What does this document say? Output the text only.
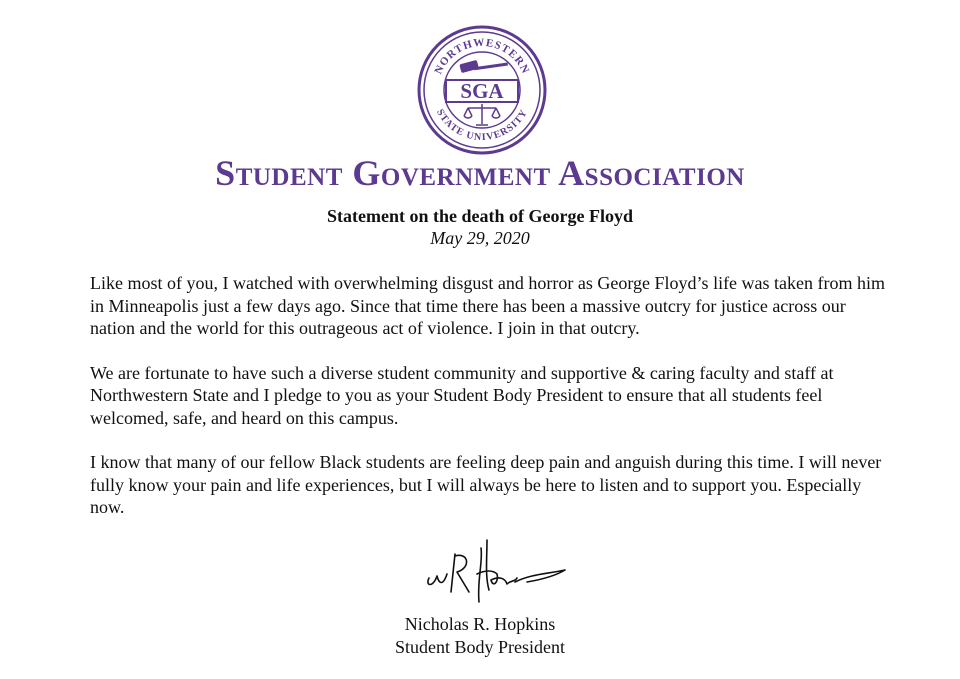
NORTHWESTERN
STATE UNIVERSITY
SGA
Student Government Association
Statement on the death of George Floyd
May 29, 2020

Like most of you, I watched with overwhelming disgust and horror as George Floyd’s life was taken from him in Minneapolis just a few days ago. Since that time there has been a massive outcry for justice across our nation and the world for this outrageous act of violence. I join in that outcry.

We are fortunate to have such a diverse student community and supportive & caring faculty and staff at Northwestern State and I pledge to you as your Student Body President to ensure that all students feel welcomed, safe, and heard on this campus.

I know that many of our fellow Black students are feeling deep pain and anguish during this time. I will never fully know your pain and life experiences, but I will always be here to listen and to support you. Especially now.

Nicholas R. Hopkins
Student Body President
